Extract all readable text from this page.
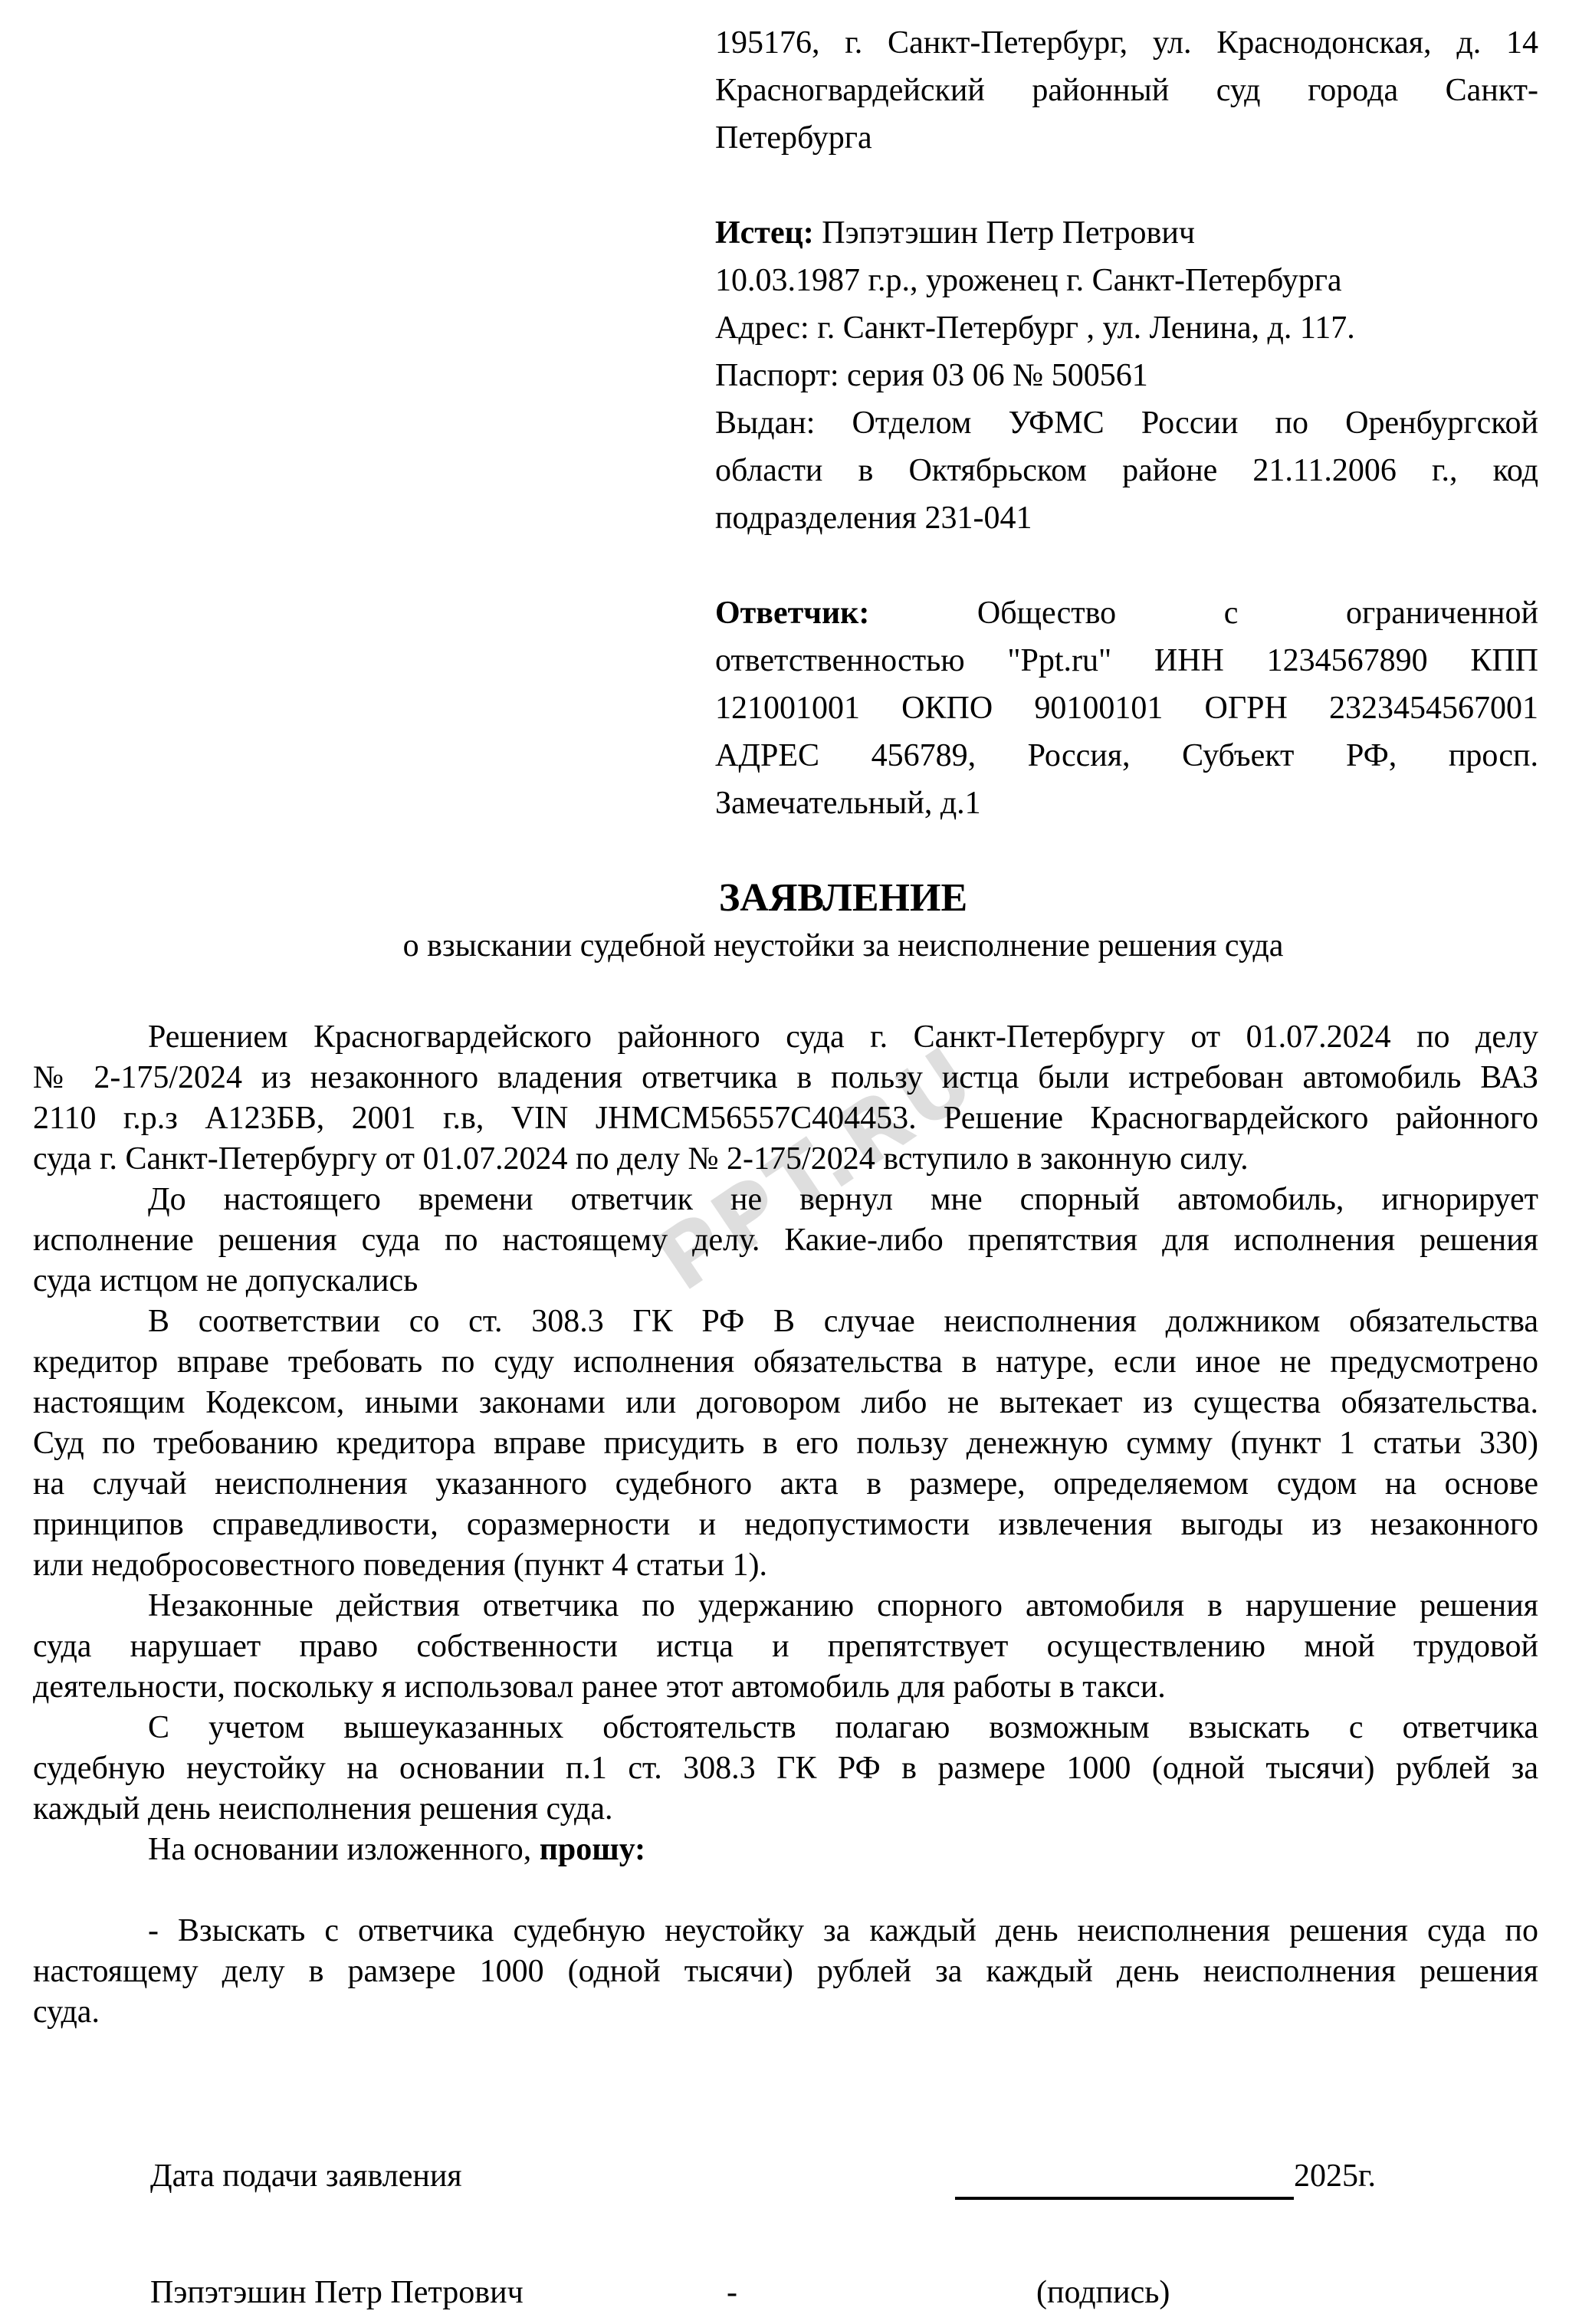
PPT.RU
195176, г. Санкт-Петербург, ул. Краснодонская, д. 14
Красногвардейский районный суд города Санкт-
Петербурга
Истец: Пэпэтэшин Петр Петрович
10.03.1987 г.р., уроженец г. Санкт-Петербурга
Адрес: г. Санкт-Петербург , ул. Ленина, д. 117.
Паспорт: серия 03 06 № 500561
Выдан: Отделом УФМС России по Оренбургской
области в Октябрьском районе 21.11.2006 г., код
подразделения 231-041
Ответчик:	Общество с ограниченной
ответственностью "Ppt.ru" ИНН 1234567890 КПП
121001001 ОКПО 90100101 ОГРН 2323454567001
АДРЕС 456789, Россия, Субъект РФ, просп.
Замечательный, д.1
ЗАЯВЛЕНИЕ
о взыскании судебной неустойки за неисполнение решения суда
Решением Красногвардейского районного суда г. Санкт-Петербургу от 01.07.2024 по делу
№ 2-175/2024 из незаконного владения ответчика в пользу истца были истребован автомобиль ВАЗ
2110 г.р.з А123БВ, 2001 г.в, VIN JHMCM56557C404453. Решение Красногвардейского районного
суда г. Санкт-Петербургу от 01.07.2024 по делу № 2-175/2024 вступило в законную силу.
До настоящего времени ответчик не вернул мне спорный автомобиль, игнорирует
исполнение решения суда по настоящему делу. Какие-либо препятствия для исполнения решения
суда истцом не допускались
В соответствии со ст. 308.3 ГК РФ В случае неисполнения должником обязательства
кредитор вправе требовать по суду исполнения обязательства в натуре, если иное не предусмотрено
настоящим Кодексом, иными законами или договором либо не вытекает из существа обязательства.
Суд по требованию кредитора вправе присудить в его пользу денежную сумму (пункт 1 статьи 330)
на случай неисполнения указанного судебного акта в размере, определяемом судом на основе
принципов справедливости, соразмерности и недопустимости извлечения выгоды из незаконного
или недобросовестного поведения (пункт 4 статьи 1).
Незаконные действия ответчика по удержанию спорного автомобиля в нарушение решения
суда нарушает право собственности истца и препятствует осуществлению мной трудовой
деятельности, поскольку я использовал ранее этот автомобиль для работы в такси.
С учетом вышеуказанных обстоятельств полагаю возможным взыскать с ответчика
судебную неустойку на основании п.1 ст. 308.3 ГК РФ в размере 1000 (одной тысячи) рублей за
каждый день неисполнения решения суда.
На основании изложенного, прошу:
- Взыскать с ответчика судебную неустойку за каждый день неисполнения решения суда по
настоящему делу в рамзере 1000 (одной тысячи) рублей за каждый день неисполнения решения
суда.
Дата подачи заявления	2025г.
Пэпэтэшин Петр Петрович	-	(подпись)
